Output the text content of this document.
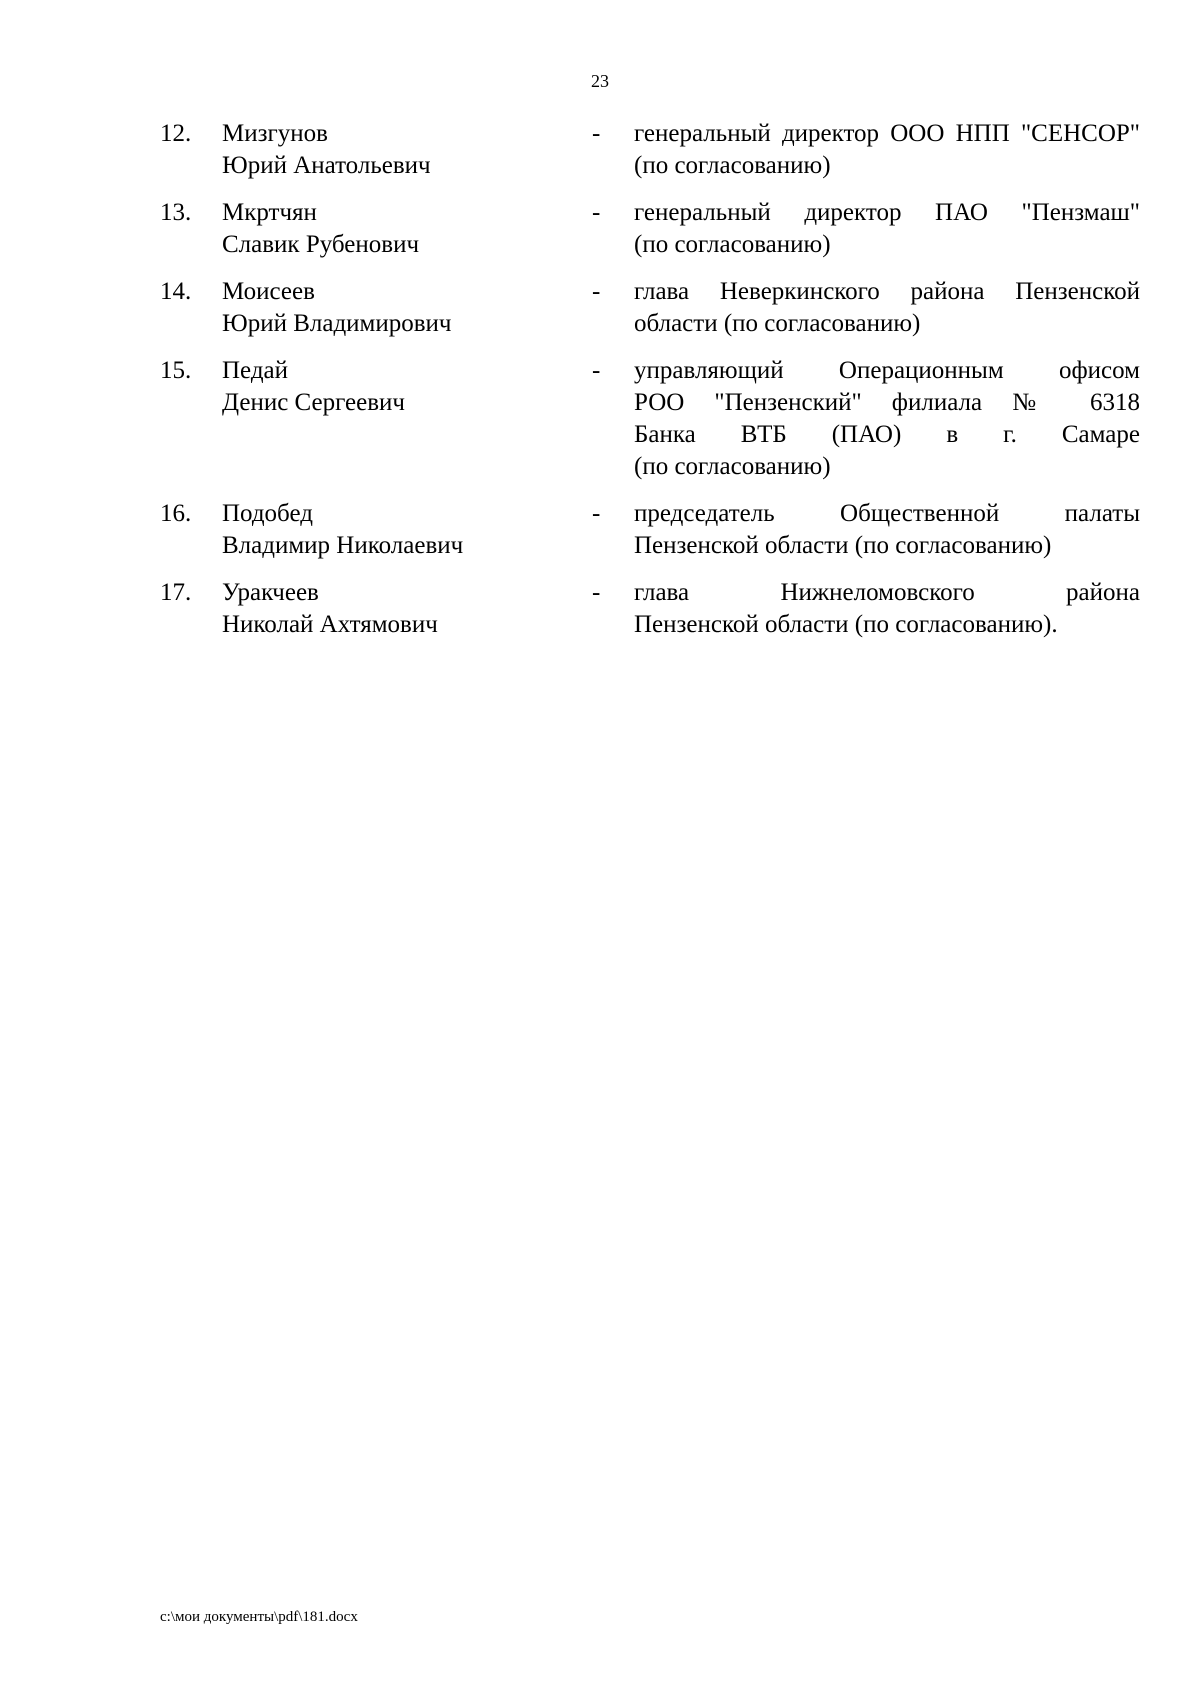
23
12.	Мизгунов
Юрий Анатольевич
-	генеральный директор ООО НПП "СЕНСОР"
(по согласованию)
13.	Мкртчян
Славик Рубенович
-	генеральный директор ПАО "Пензмаш"
(по согласованию)
14.	Моисеев
Юрий Владимирович
-	глава Неверкинского района Пензенской
области (по согласованию)
15.	Педай
Денис Сергеевич
-	управляющий Операционным офисом
РОО "Пензенский" филиала № 6318
Банка ВТБ (ПАО) в г. Самаре
(по согласованию)
16.	Подобед
Владимир Николаевич
-	председатель Общественной палаты
Пензенской области (по согласованию)
17.	Уракчеев
Николай Ахтямович
-	глава Нижнеломовского района
Пензенской области (по согласованию).
c:\мои документы\pdf\181.docx
